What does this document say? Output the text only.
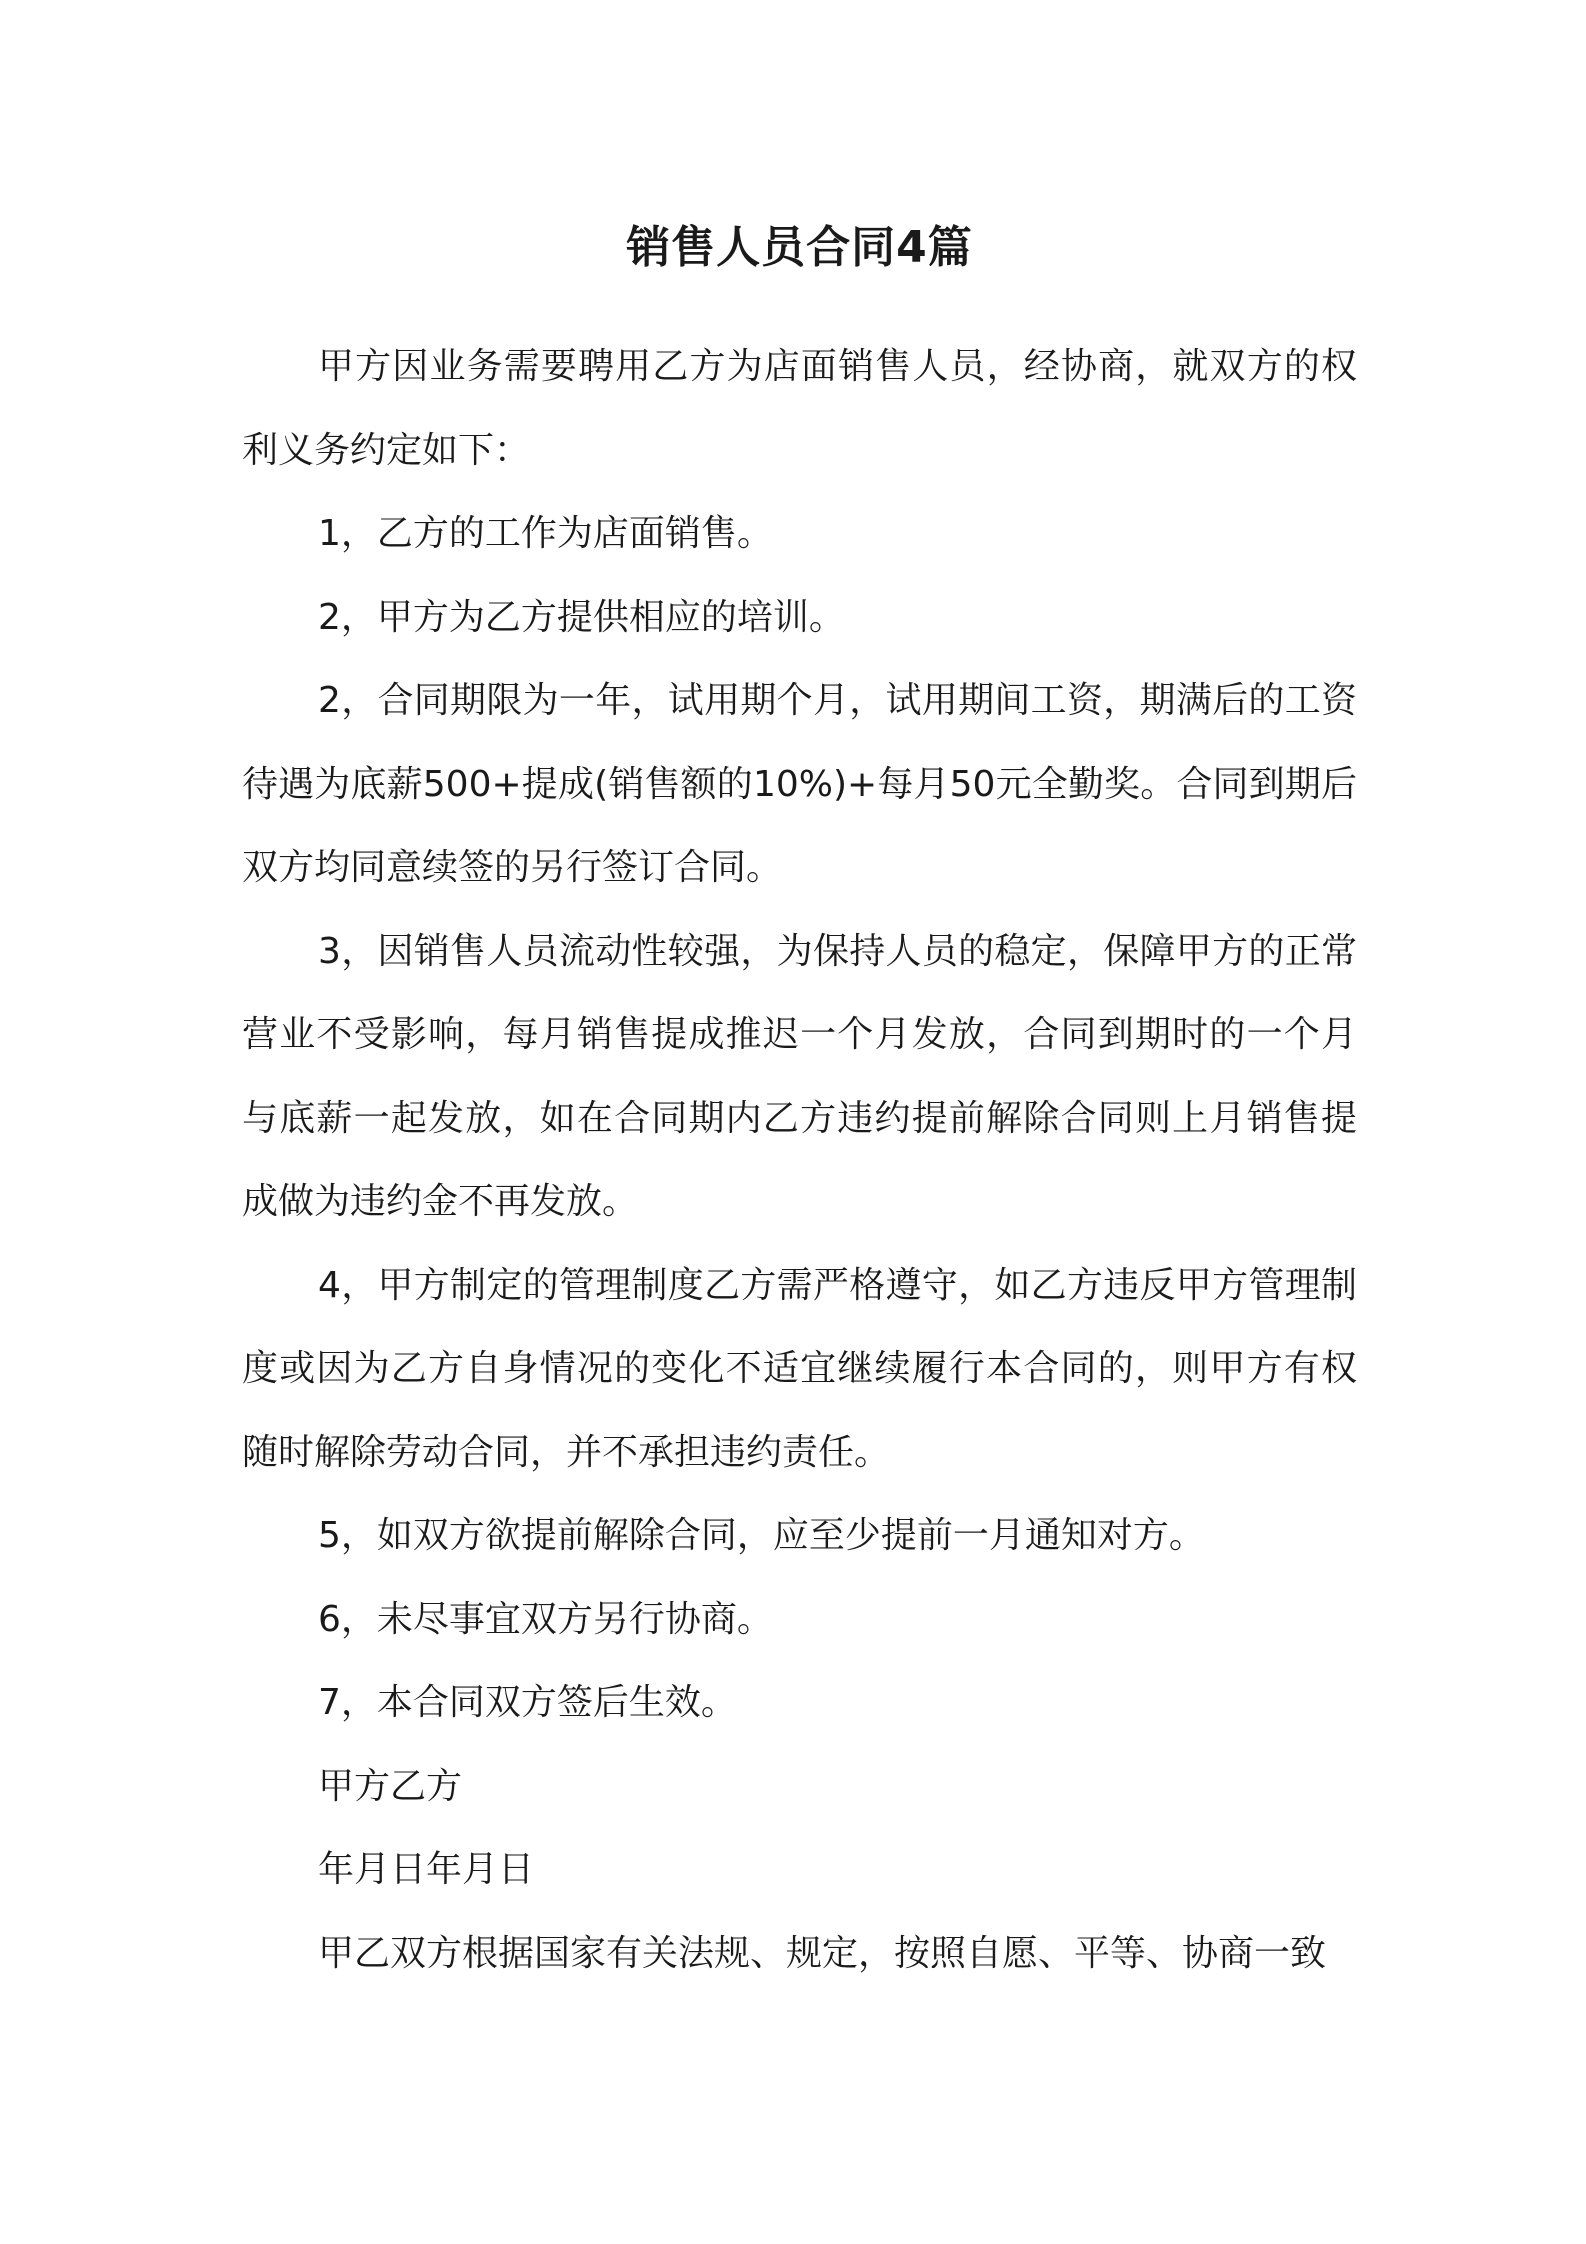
销售人员合同4篇

甲方因业务需要聘用乙方为店面销售人员，经协商，就双方的权利义务约定如下：

1，乙方的工作为店面销售。

2，甲方为乙方提供相应的培训。

2，合同期限为一年，试用期个月，试用期间工资，期满后的工资待遇为底薪500+提成(销售额的10%)+每月50元全勤奖。合同到期后双方均同意续签的另行签订合同。

3，因销售人员流动性较强，为保持人员的稳定，保障甲方的正常营业不受影响，每月销售提成推迟一个月发放，合同到期时的一个月与底薪一起发放，如在合同期内乙方违约提前解除合同则上月销售提成做为违约金不再发放。

4，甲方制定的管理制度乙方需严格遵守，如乙方违反甲方管理制度或因为乙方自身情况的变化不适宜继续履行本合同的，则甲方有权随时解除劳动合同，并不承担违约责任。

5，如双方欲提前解除合同，应至少提前一月通知对方。

6，未尽事宜双方另行协商。

7，本合同双方签后生效。

甲方乙方

年月日年月日

甲乙双方根据国家有关法规、规定，按照自愿、平等、协商一致
